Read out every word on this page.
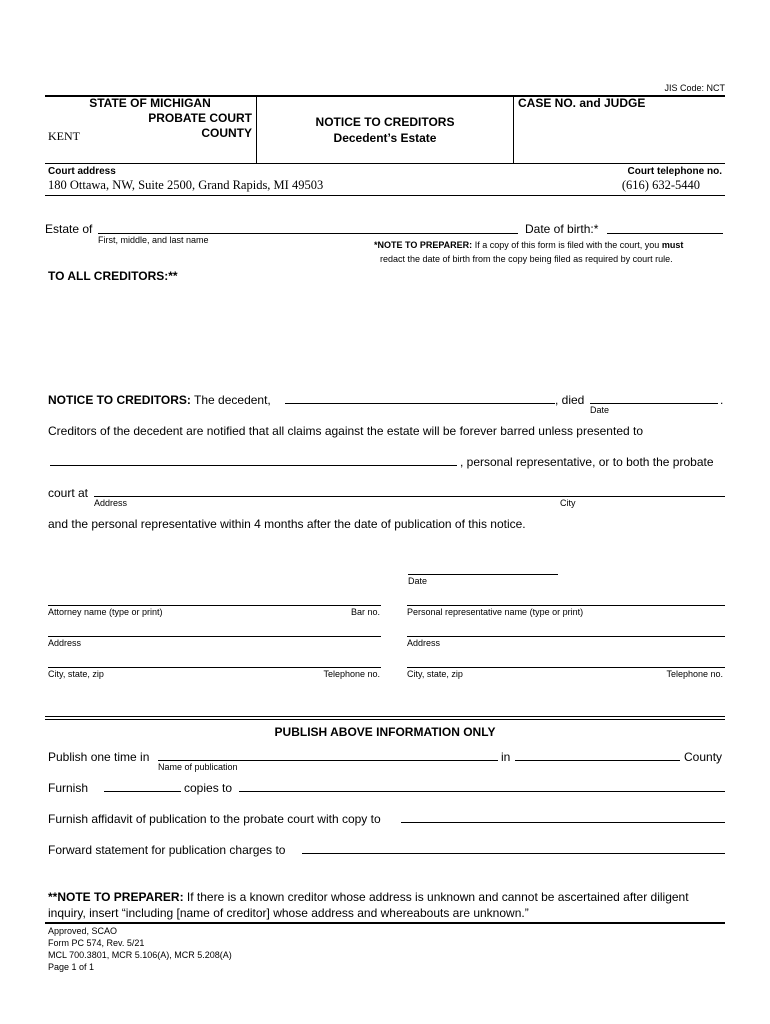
JIS Code: NCT
STATE OF MICHIGAN
PROBATE COURT
COUNTY
KENT
NOTICE TO CREDITORS
Decedent’s Estate
CASE NO. and JUDGE
Court address
180 Ottawa, NW, Suite 2500, Grand Rapids, MI 49503
Court telephone no.
(616) 632-5440
Estate of
First, middle, and last name
Date of birth:*
*NOTE TO PREPARER: If a copy of this form is filed with the court, you must
redact the date of birth from the copy being filed as required by court rule.
TO ALL CREDITORS:**
NOTICE TO CREDITORS: The decedent,	, died	.
Date
Creditors of the decedent are notified that all claims against the estate will be forever barred unless presented to
, personal representative, or to both the probate
court at
Address	City
and the personal representative within 4 months after the date of publication of this notice.
Date
Attorney name (type or print)	Bar no.	Personal representative name (type or print)
Address	Address
City, state, zip	Telephone no.	City, state, zip	Telephone no.
PUBLISH ABOVE INFORMATION ONLY
Publish one time in
Name of publication
in	County
Furnish	copies to
Furnish affidavit of publication to the probate court with copy to
Forward statement for publication charges to
**NOTE TO PREPARER: If there is a known creditor whose address is unknown and cannot be ascertained after diligent
inquiry, insert “including [name of creditor] whose address and whereabouts are unknown.”
Approved, SCAO
Form PC 574, Rev. 5/21
MCL 700.3801, MCR 5.106(A), MCR 5.208(A)
Page 1 of 1
